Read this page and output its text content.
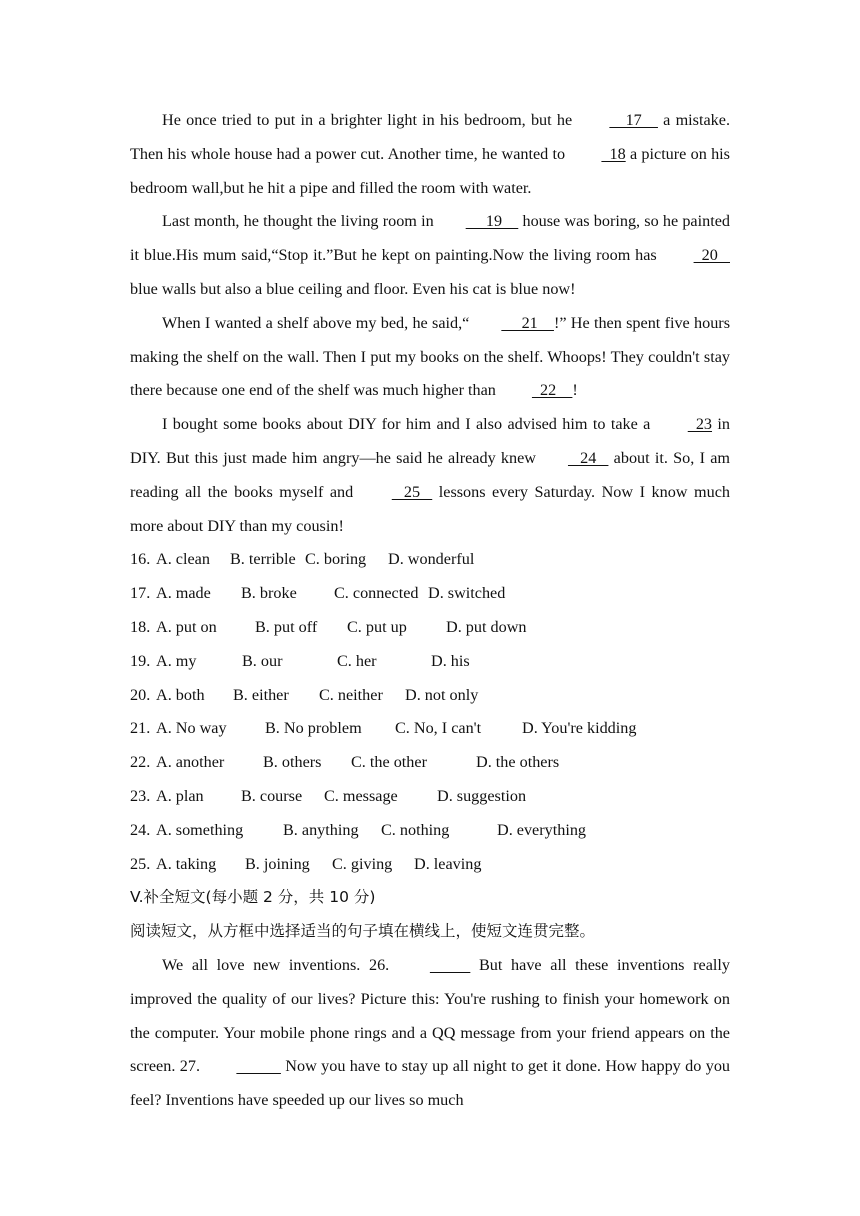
He once tried to put in a brighter light in his bedroom, but he     17     a mistake. Then his whole house had a power cut. Another time, he wanted to   18 a picture on his bedroom wall,but he hit a pipe and filled the room with water.

Last month, he thought the living room in     19     house was boring, so he painted it blue.His mum said,“Stop it.”But he kept on painting.Now the living room has   20    blue walls but also a blue ceiling and floor. Even his cat is blue now!

When I wanted a shelf above my bed, he said,“     21    !” He then spent five hours making the shelf on the wall. Then I put my books on the shelf. Whoops! They couldn't stay there because one end of the shelf was much higher than   22    !

I bought some books about DIY for him and I also advised him to take a   23 in DIY. But this just made him angry—he said he already knew   24    about it. So, I am reading all the books myself and    25    lessons every Saturday. Now I know much more about DIY than my cousin!

16. A. clean B. terrible C. boring D. wonderful
17. A. made B. broke C. connected D. switched
18. A. put on B. put off C. put up D. put down
19. A. my	B. our	C. her	D. his
20. A. both B. either C. neither D. not only
21. A. No way B. No problem C. No, I can't	D. You're kidding
22. A. another B. others C. the other	D. the others
23. A. plan B. course C. message D. suggestion
24. A. something B. anything C. nothing	D. everything
25. A. taking B. joining C. giving D. leaving
V.补全短文(每小题 2 分，共 10 分)
阅读短文，从方框中选择适当的句子填在横线上，使短文连贯完整。

We all love new inventions. 26.	But have all these inventions really improved the quality of our lives? Picture this: You're rushing to finish your homework on the computer. Your mobile phone rings and a QQ message from your friend appears on the screen. 27.	Now you have to stay up all night to get it done. How happy do you feel? Inventions have speeded up our lives so much
